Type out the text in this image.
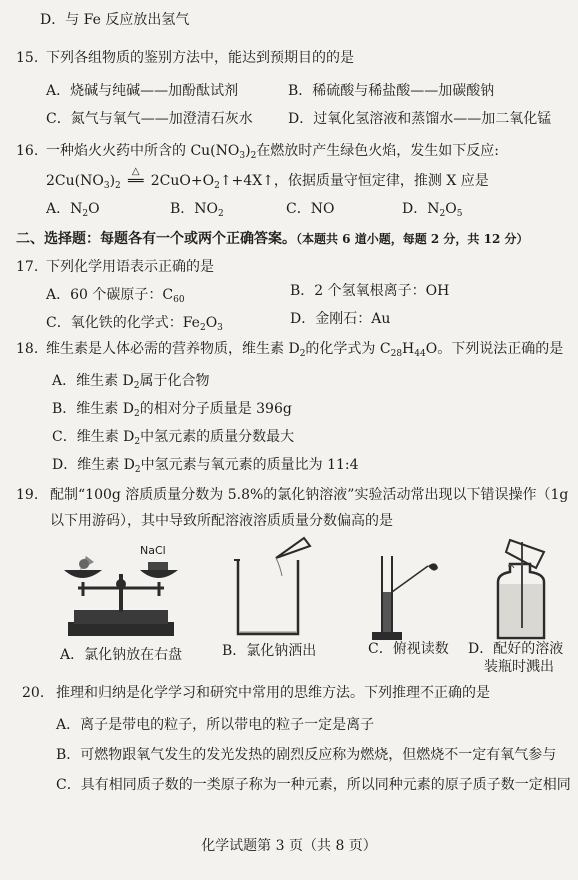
D．与 Fe 反应放出氢气
15. 下列各组物质的鉴别方法中，能达到预期目的的是
A．烧碱与纯碱——加酚酞试剂	B．稀硫酸与稀盐酸——加碳酸钠
C．氮气与氧气——加澄清石灰水	D．过氧化氢溶液和蒸馏水——加二氧化锰
16. 一种焰火火药中所含的 $Cu(NO_3)_2$在燃放时产生绿色火焰，发生如下反应:
$2Cu(NO_3)_2$
△
══ $2CuO+O_2↑+4X↑$，依据质量守恒定律，推测 X 应是
A．$N_2O$	B．$NO_2$	C．NO	D．$N_2O_5$
二、选择题：每题各有一个或两个正确答案。（本题共 6 道小题，每题 2 分，共 12 分）
17. 下列化学用语表示正确的是
A．60 个碳原子：$C_{60}$
B．2 个氢氧根离子：OH
C．氧化铁的化学式：$Fe_2O_3$
D．金刚石：Au
18. 维生素是人体必需的营养物质，维生素 $D_2$的化学式为 $C_{28}H_{44}O$。下列说法正确的是
A．维生素 $D_2$属于化合物
B．维生素 $D_2$的相对分子质量是 396g
C．维生素 $D_2$中氢元素的质量分数最大
D．维生素 $D_2$中氢元素与氧元素的质量比为 11:4
19. 配制“100g 溶质质量分数为 5.8%的氯化钠溶液”实验活动常出现以下错误操作（1g
以下用游码），其中导致所配溶液溶质质量分数偏高的是
NaCl
A．氯化钠放在右盘	B．氯化钠洒出	C．俯视读数 D．配好的溶液
装瓶时溅出
20. 推理和归纳是化学学习和研究中常用的思维方法。下列推理不正确的是
A．离子是带电的粒子，所以带电的粒子一定是离子
B．可燃物跟氧气发生的发光发热的剧烈反应称为燃烧，但燃烧不一定有氧气参与
C．具有相同质子数的一类原子称为一种元素，所以同种元素的原子质子数一定相同
化学试题第 3 页（共 8 页）
